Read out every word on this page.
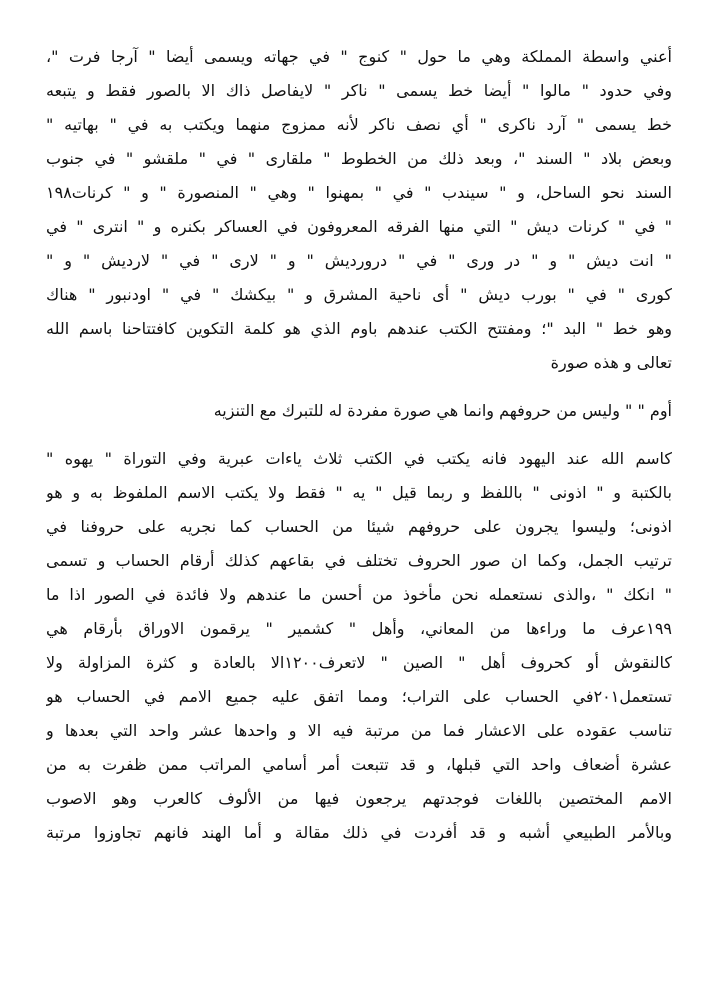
أعني واسطة المملكة وهي ما حول " كنوج " في جهاته ويسمى أيضا " آرجا فرت "،
وفي حدود " مالوا " أيضا خط يسمى " ناكر " لايفاصل ذاك الا بالصور فقط و يتبعه
خط يسمى " آرد ناكرى " أي نصف ناكر لأنه ممزوج منهما ويكتب به في " بهاتيه "
وبعض بلاد " السند "، وبعد ذلك من الخطوط " ملقارى " في " ملقشو " في جنوب
السند نحو الساحل، و " سيندب " في " بمهنوا " وهي " المنصورة " و " كرنات١٩٨
" في " كرنات ديش " التي منها الفرقه المعروفون في العساكر بكنره و " انترى " في
" انت ديش " و " در ورى " في " دروردیش " و " لارى " في " لارديش " و "
كورى " في " بورب ديش " أى ناحية المشرق و " بيكشك " في " اودنبور " هناك
وهو خط " البد "؛ ومفتتح الكتب عندهم باوم الذي هو كلمة التكوين كافتتاحنا باسم الله
تعالى و هذه صورة
أوم " " وليس من حروفهم وانما هي صورة مفردة له للتبرك مع التنزيه
كاسم الله عند اليهود فانه يكتب في الكتب ثلاث ياءات عبرية وفي التوراة " يهوه "
بالكتبة و " اذونى " باللفظ و ربما قيل " يه " فقط ولا يكتب الاسم الملفوظ به و هو
اذونى؛ وليسوا يجرون على حروفهم شيئا من الحساب كما نجريه على حروفنا في
ترتيب الجمل، وكما ان صور الحروف تختلف في بقاعهم كذلك أرقام الحساب و تسمى
" انكك " ،والذى نستعمله نحن مأخوذ من أحسن ما عندهم ولا فائدة في الصور اذا ما
١٩٩عرف ما وراءها من المعاني، وأهل " كشمير " يرقمون الاوراق بأرقام هي
كالنقوش أو كحروف أهل " الصين " لاتعرف١٢٠٠الا بالعادة و كثرة المزاولة ولا
تستعمل٢٠١في الحساب على التراب؛ ومما اتفق عليه جميع الامم في الحساب هو
تناسب عقوده على الاعشار فما من مرتبة فيه الا و واحدها عشر واحد التي بعدها و
عشرة أضعاف واحد التي قبلها، و قد تتبعت أمر أسامي المراتب ممن ظفرت به من
الامم المختصين باللغات فوجدتهم يرجعون فيها من الألوف كالعرب وهو الاصوب
وبالأمر الطبيعي أشبه و قد أفردت في ذلك مقالة و أما الهند فانهم تجاوزوا مرتبة
